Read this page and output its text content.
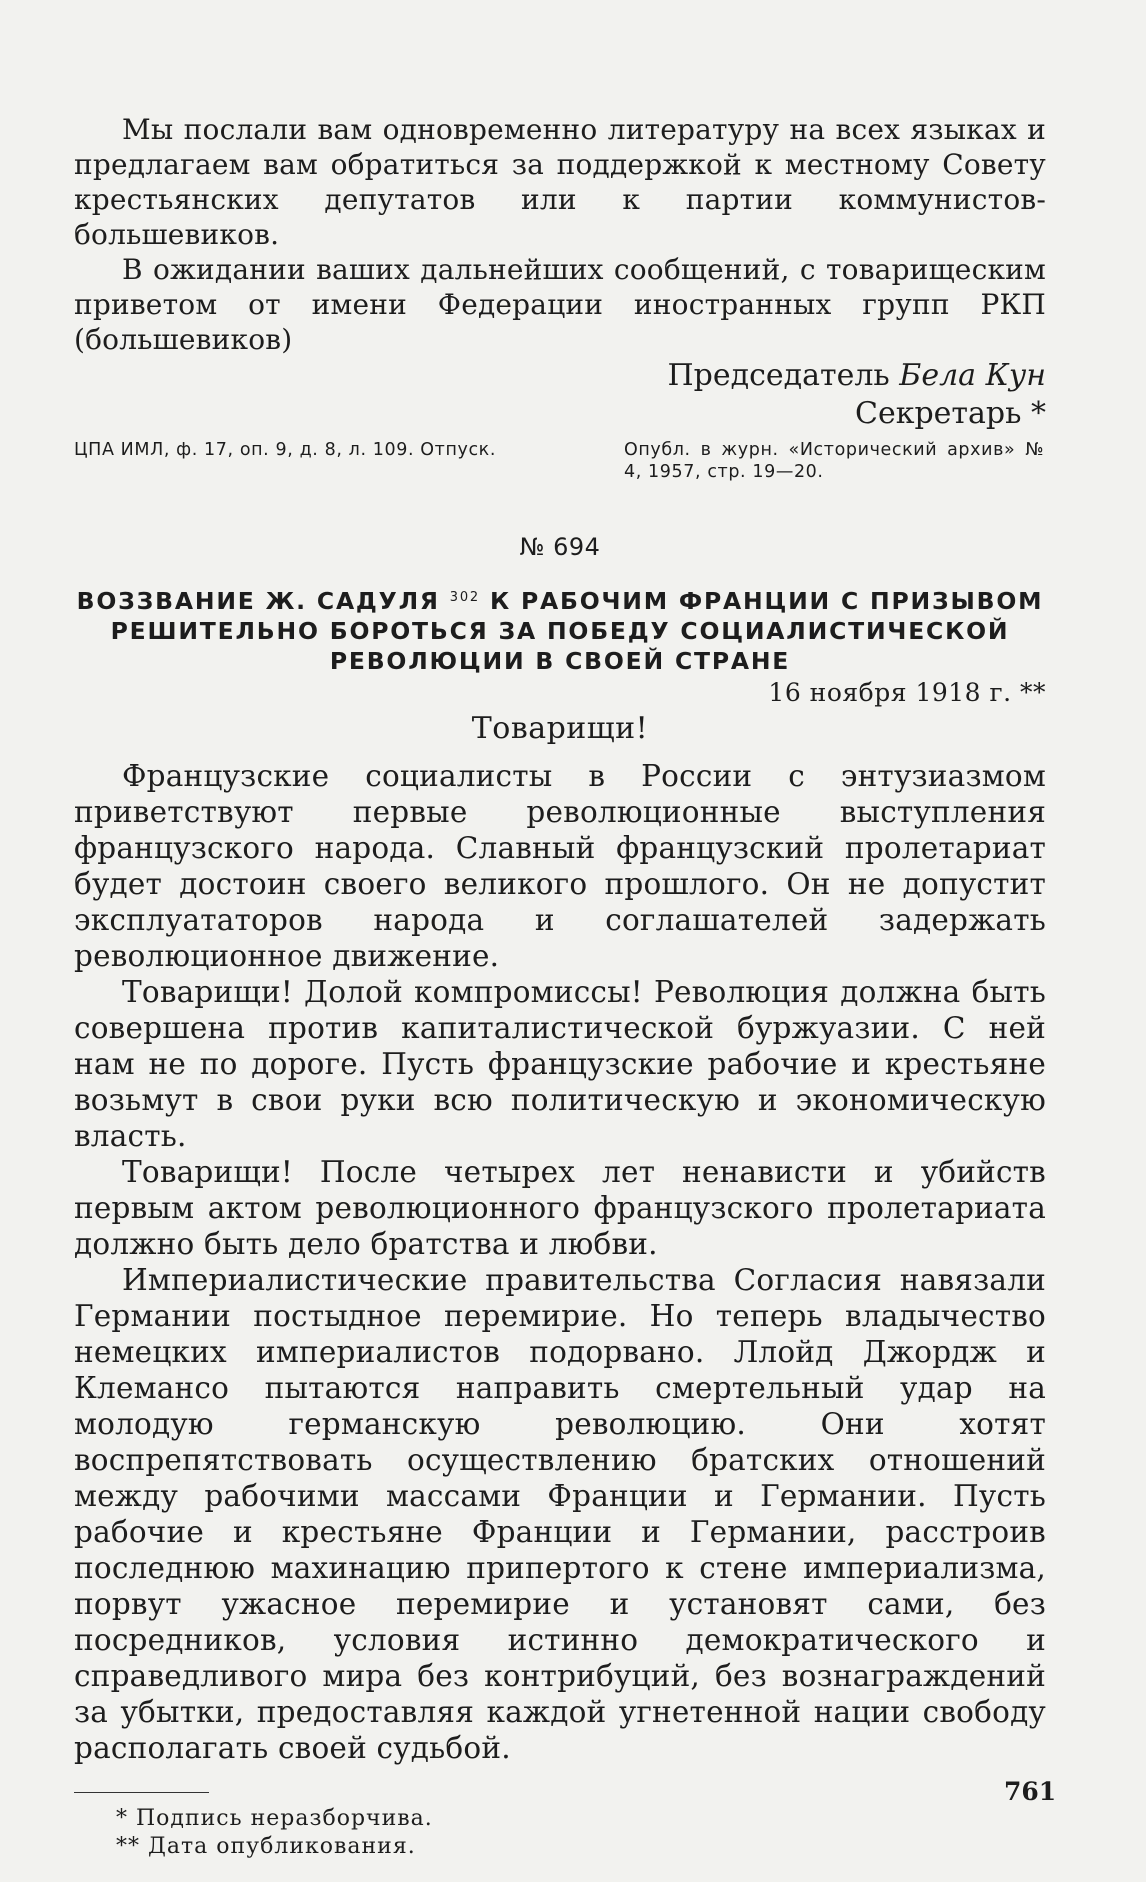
Мы послали вам одновременно литературу на всех языках и предлагаем вам обратиться за поддержкой к местному Совету крестьянских депутатов или к партии коммунистов-большевиков.

В ожидании ваших дальнейших сообщений, с товарищеским приветом от имени Федерации иностранных групп РКП (большевиков)

Председатель Бела Кун
Секретарь *
ЦПА ИМЛ, ф. 17, оп. 9, д. 8, л. 109. Отпуск.	Опубл. в журн. «Исторический архив» № 4, 1957, стр. 19—20.
№ 694
ВОЗЗВАНИЕ Ж. САДУЛЯ $^{302}$ К РАБОЧИМ ФРАНЦИИ С ПРИЗЫВОМ РЕШИТЕЛЬНО БОРОТЬСЯ ЗА ПОБЕДУ СОЦИАЛИСТИЧЕСКОЙ РЕВОЛЮЦИИ В СВОЕЙ СТРАНЕ
16 ноября 1918 г. **
Товарищи!

Французские социалисты в России с энтузиазмом приветствуют первые революционные выступления французского народа. Славный французский пролетариат будет достоин своего великого прошлого. Он не допустит эксплуататоров народа и соглашателей задержать революционное движение.

Товарищи! Долой компромиссы! Революция должна быть совершена против капиталистической буржуазии. С ней нам не по дороге. Пусть французские рабочие и крестьяне возьмут в свои руки всю политическую и экономическую власть.

Товарищи! После четырех лет ненависти и убийств первым актом революционного французского пролетариата должно быть дело братства и любви.

Империалистические правительства Согласия навязали Германии постыдное перемирие. Но теперь владычество немецких империалистов подорвано. Ллойд Джордж и Клемансо пытаются направить смертельный удар на молодую германскую революцию. Они хотят воспрепятствовать осуществлению братских отношений между рабочими массами Франции и Германии. Пусть рабочие и крестьяне Франции и Германии, расстроив последнюю махинацию припертого к стене империализма, порвут ужасное перемирие и установят сами, без посредников, условия истинно демократического и справедливого мира без контрибуций, без вознаграждений за убытки, предоставляя каждой угнетенной нации свободу располагать своей судьбой.

* Подпись неразборчива.
** Дата опубликования.
761
